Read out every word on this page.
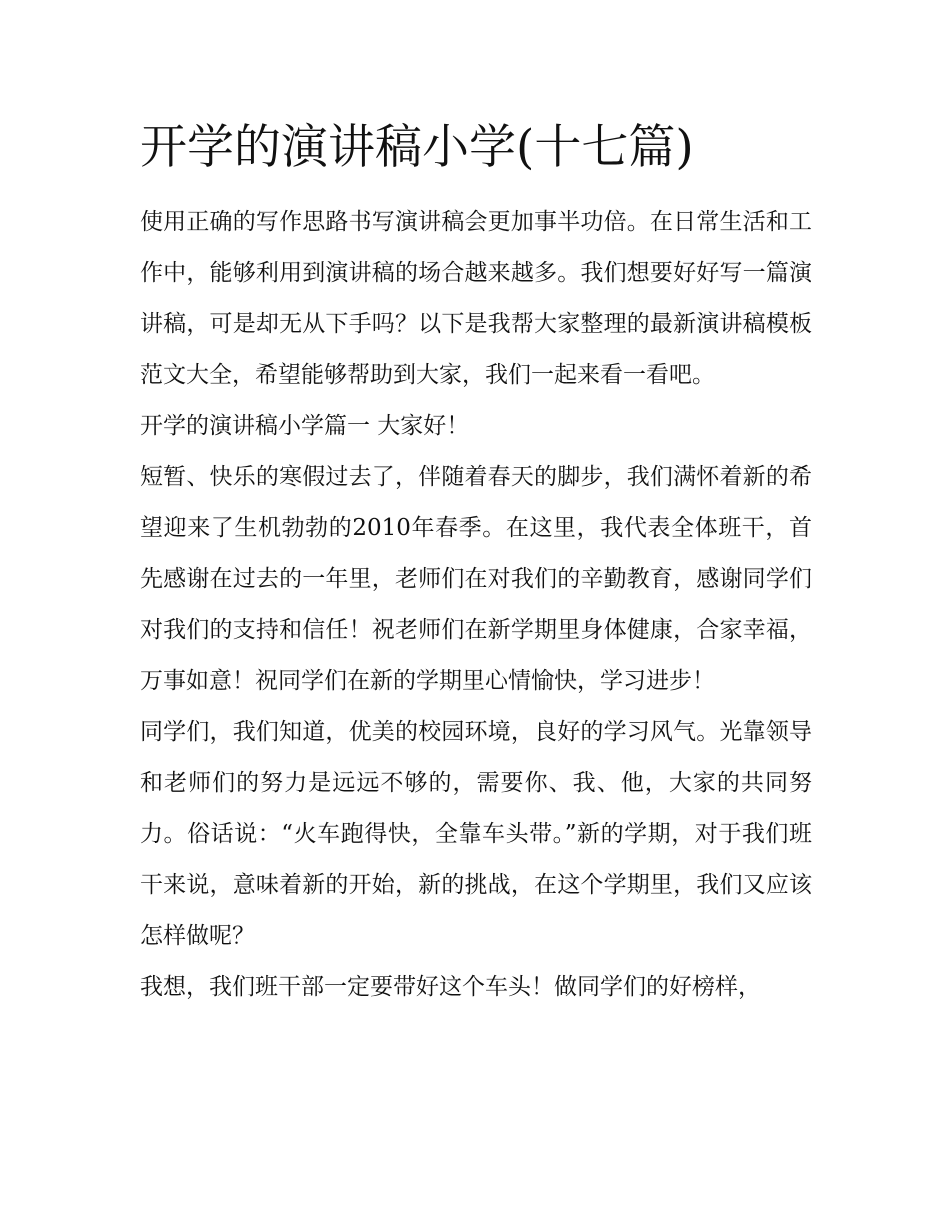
开学的演讲稿小学(十七篇)

使用正确的写作思路书写演讲稿会更加事半功倍。在日常生活和工作中，能够利用到演讲稿的场合越来越多。我们想要好好写一篇演讲稿，可是却无从下手吗？以下是我帮大家整理的最新演讲稿模板范文大全，希望能够帮助到大家，我们一起来看一看吧。

开学的演讲稿小学篇一 大家好！

短暂、快乐的寒假过去了，伴随着春天的脚步，我们满怀着新的希望迎来了生机勃勃的2010年春季。在这里，我代表全体班干，首先感谢在过去的一年里，老师们在对我们的辛勤教育，感谢同学们对我们的支持和信任！祝老师们在新学期里身体健康，合家幸福，万事如意！祝同学们在新的学期里心情愉快，学习进步！

同学们，我们知道，优美的校园环境，良好的学习风气。光靠领导和老师们的努力是远远不够的，需要你、我、他，大家的共同努力。俗话说：“火车跑得快，全靠车头带。”新的学期，对于我们班干来说，意味着新的开始，新的挑战，在这个学期里，我们又应该怎样做呢？

我想，我们班干部一定要带好这个车头！做同学们的好榜样，
